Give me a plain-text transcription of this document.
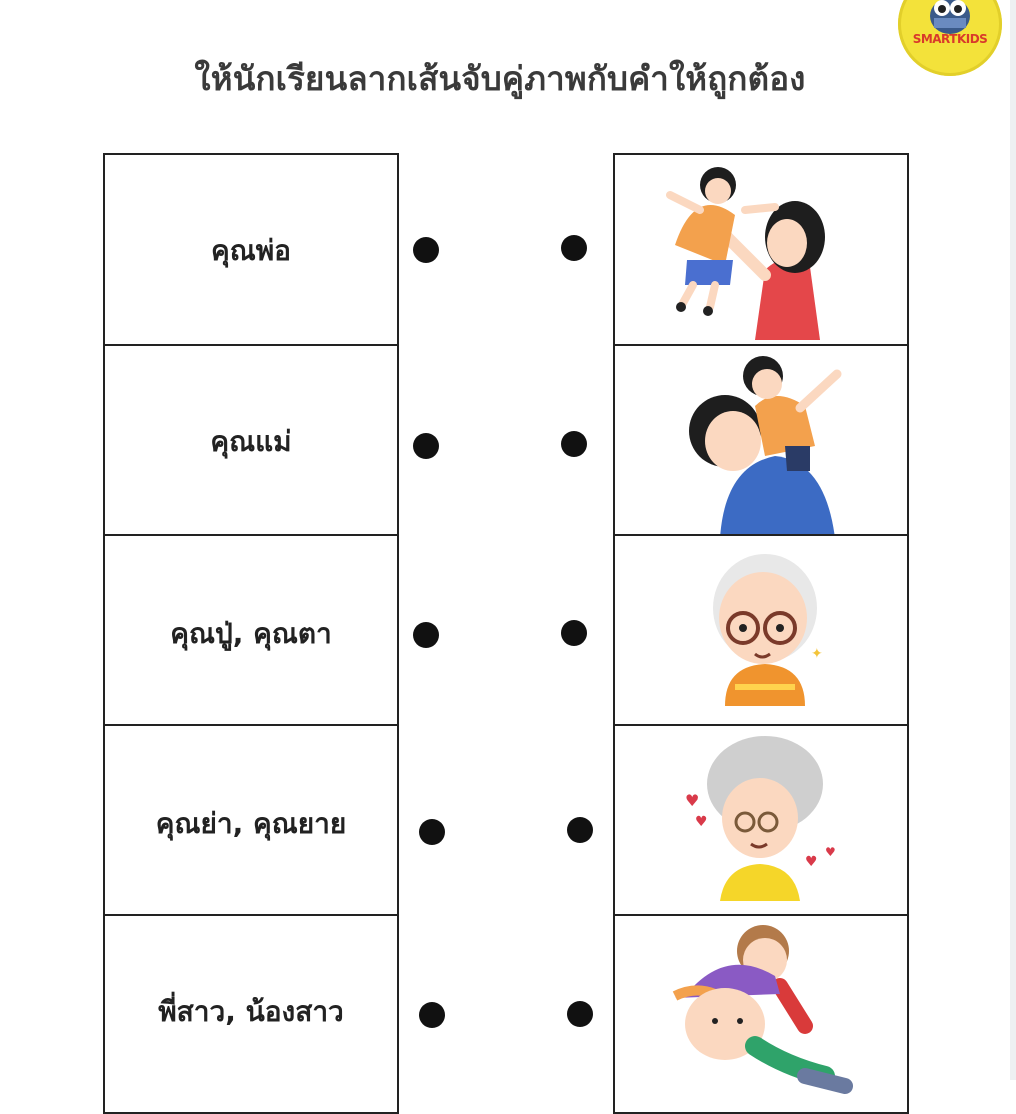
SMARTKIDS
ให้นักเรียนลากเส้นจับคู่ภาพกับคำให้ถูกต้อง
คุณพ่อ
คุณแม่
คุณปู่, คุณตา
✦
คุณย่า, คุณยาย
♥
♥
♥
♥
พี่สาว, น้องสาว
